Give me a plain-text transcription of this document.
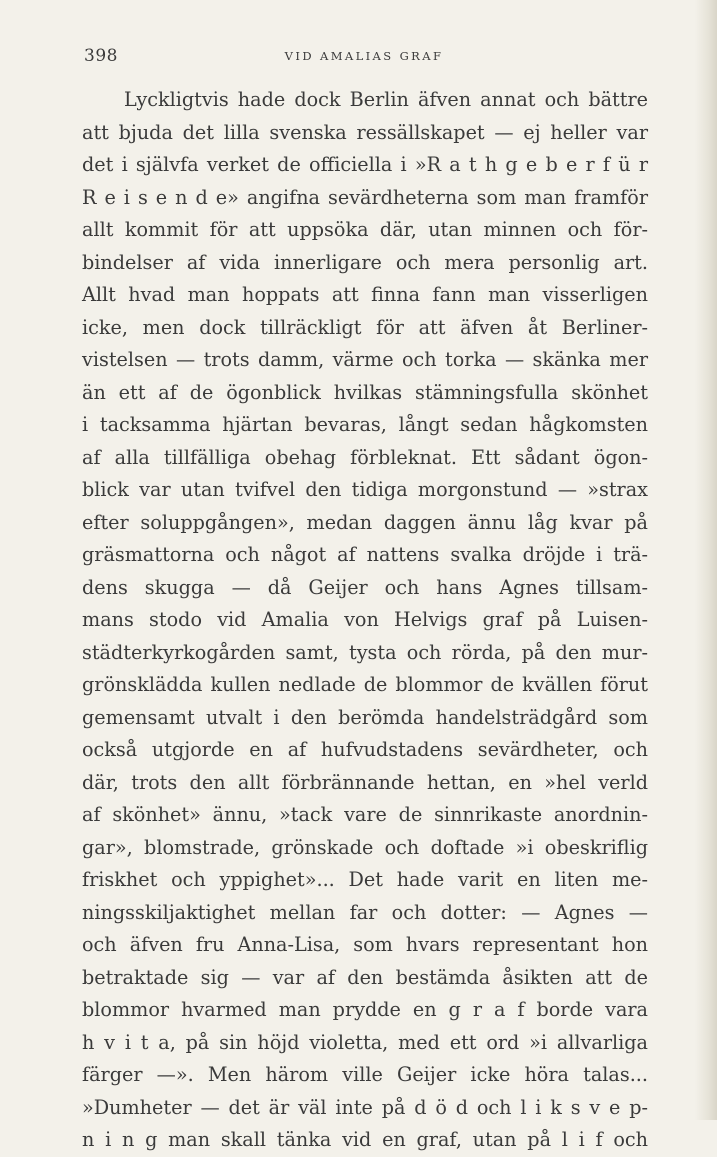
398	VID AMALIAS GRAF
Lyckligtvis hade dock Berlin äfven annat och bättre
att bjuda det lilla svenska ressällskapet — ej heller var
det i självfa verket de officiella i »R a t h g e b e r f ü r
R e i s e n d e» angifna sevärdheterna som man framför
allt kommit för att uppsöka där, utan minnen och för-
bindelser af vida innerligare och mera personlig art.
Allt hvad man hoppats att finna fann man visserligen
icke, men dock tillräckligt för att äfven åt Berliner-
vistelsen — trots damm, värme och torka — skänka mer
än ett af de ögonblick hvilkas stämningsfulla skönhet
i tacksamma hjärtan bevaras, långt sedan hågkomsten
af alla tillfälliga obehag förbleknat. Ett sådant ögon-
blick var utan tvifvel den tidiga morgonstund — »strax
efter soluppgången», medan daggen ännu låg kvar på
gräsmattorna och något af nattens svalka dröjde i trä-
dens skugga — då Geijer och hans Agnes tillsam-
mans stodo vid Amalia von Helvigs graf på Luisen-
städterkyrkogården samt, tysta och rörda, på den mur-
grönsklädda kullen nedlade de blommor de kvällen förut
gemensamt utvalt i den berömda handelsträdgård som
också utgjorde en af hufvudstadens sevärdheter, och
där, trots den allt förbrännande hettan, en »hel verld
af skönhet» ännu, »tack vare de sinnrikaste anordnin-
gar», blomstrade, grönskade och doftade »i obeskriflig
friskhet och yppighet»... Det hade varit en liten me-
ningsskiljaktighet mellan far och dotter: — Agnes —
och äfven fru Anna-Lisa, som hvars representant hon
betraktade sig — var af den bestämda åsikten att de
blommor hvarmed man prydde en g r a f borde vara
h v i t a, på sin höjd violetta, med ett ord »i allvarliga
färger —». Men härom ville Geijer icke höra talas...
»Dumheter — det är väl inte på d ö d och l i k s v e p-
n i n g man skall tänka vid en graf, utan på l i f och
